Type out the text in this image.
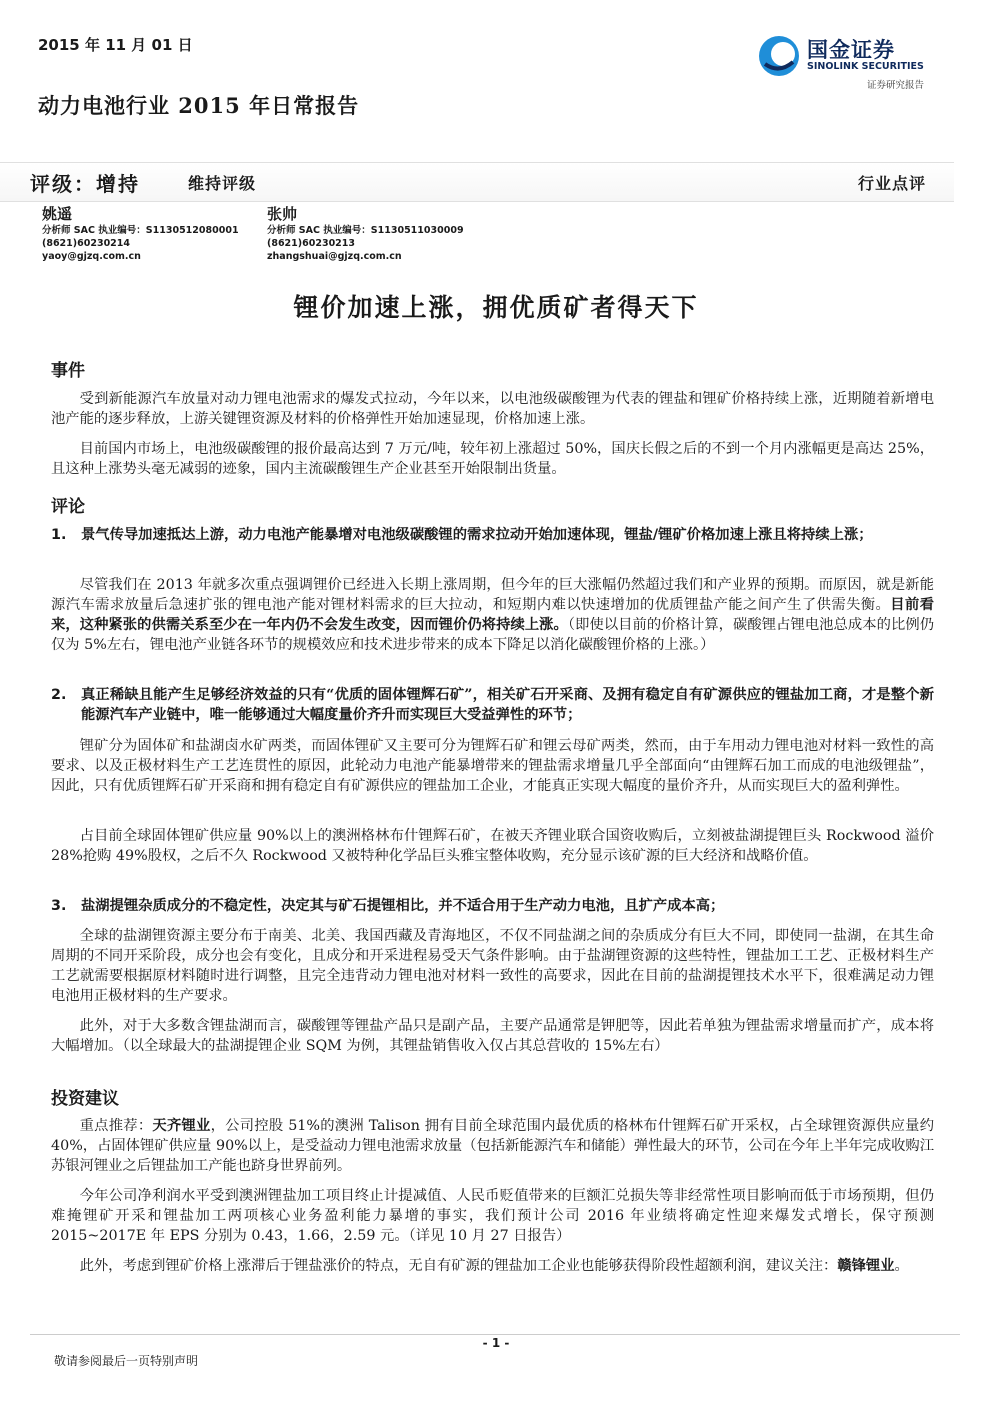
2015 年 11 月 01 日
动力电池行业 2015 年日常报告
国金证券
SINOLINK SECURITIES
证券研究报告
评级：增持	维持评级	行业点评
姚遥
分析师 SAC 执业编号：S1130512080001
(8621)60230214
yaoy@gjzq.com.cn
张帅
分析师 SAC 执业编号：S1130511030009
(8621)60230213
zhangshuai@gjzq.com.cn
锂价加速上涨，拥优质矿者得天下
事件
受到新能源汽车放量对动力锂电池需求的爆发式拉动，今年以来，以电池级碳酸锂为代表的锂盐和锂矿价格持续上涨，近期随着新增电池产能的逐步释放，上游关键锂资源及材料的价格弹性开始加速显现，价格加速上涨。
目前国内市场上，电池级碳酸锂的报价最高达到 7 万元/吨，较年初上涨超过 50%，国庆长假之后的不到一个月内涨幅更是高达 25%，且这种上涨势头毫无减弱的迹象，国内主流碳酸锂生产企业甚至开始限制出货量。
评论
1. 景气传导加速抵达上游，动力电池产能暴增对电池级碳酸锂的需求拉动开始加速体现，锂盐/锂矿价格加速上涨且将持续上涨；
尽管我们在 2013 年就多次重点强调锂价已经进入长期上涨周期，但今年的巨大涨幅仍然超过我们和产业界的预期。而原因，就是新能源汽车需求放量后急速扩张的锂电池产能对锂材料需求的巨大拉动，和短期内难以快速增加的优质锂盐产能之间产生了供需失衡。目前看来，这种紧张的供需关系至少在一年内仍不会发生改变，因而锂价仍将持续上涨。（即使以目前的价格计算，碳酸锂占锂电池总成本的比例仍仅为 5%左右，锂电池产业链各环节的规模效应和技术进步带来的成本下降足以消化碳酸锂价格的上涨。）
2. 真正稀缺且能产生足够经济效益的只有“优质的固体锂辉石矿”，相关矿石开采商、及拥有稳定自有矿源供应的锂盐加工商，才是整个新能源汽车产业链中，唯一能够通过大幅度量价齐升而实现巨大受益弹性的环节；
锂矿分为固体矿和盐湖卤水矿两类，而固体锂矿又主要可分为锂辉石矿和锂云母矿两类，然而，由于车用动力锂电池对材料一致性的高要求、以及正极材料生产工艺连贯性的原因，此轮动力电池产能暴增带来的锂盐需求增量几乎全部面向“由锂辉石加工而成的电池级锂盐”，因此，只有优质锂辉石矿开采商和拥有稳定自有矿源供应的锂盐加工企业，才能真正实现大幅度的量价齐升，从而实现巨大的盈利弹性。
占目前全球固体锂矿供应量 90%以上的澳洲格林布什锂辉石矿，在被天齐锂业联合国资收购后，立刻被盐湖提锂巨头 Rockwood 溢价 28%抢购 49%股权，之后不久 Rockwood 又被特种化学品巨头雅宝整体收购，充分显示该矿源的巨大经济和战略价值。
3. 盐湖提锂杂质成分的不稳定性，决定其与矿石提锂相比，并不适合用于生产动力电池，且扩产成本高；
全球的盐湖锂资源主要分布于南美、北美、我国西藏及青海地区，不仅不同盐湖之间的杂质成分有巨大不同，即使同一盐湖，在其生命周期的不同开采阶段，成分也会有变化，且成分和开采进程易受天气条件影响。由于盐湖锂资源的这些特性，锂盐加工工艺、正极材料生产工艺就需要根据原材料随时进行调整，且完全违背动力锂电池对材料一致性的高要求，因此在目前的盐湖提锂技术水平下，很难满足动力锂电池用正极材料的生产要求。
此外，对于大多数含锂盐湖而言，碳酸锂等锂盐产品只是副产品，主要产品通常是钾肥等，因此若单独为锂盐需求增量而扩产，成本将大幅增加。（以全球最大的盐湖提锂企业 SQM 为例，其锂盐销售收入仅占其总营收的 15%左右）
投资建议
重点推荐：天齐锂业，公司控股 51%的澳洲 Talison 拥有目前全球范围内最优质的格林布什锂辉石矿开采权，占全球锂资源供应量约 40%，占固体锂矿供应量 90%以上，是受益动力锂电池需求放量（包括新能源汽车和储能）弹性最大的环节，公司在今年上半年完成收购江苏银河锂业之后锂盐加工产能也跻身世界前列。
今年公司净利润水平受到澳洲锂盐加工项目终止计提减值、人民币贬值带来的巨额汇兑损失等非经常性项目影响而低于市场预期，但仍难掩锂矿开采和锂盐加工两项核心业务盈利能力暴增的事实，我们预计公司 2016 年业绩将确定性迎来爆发式增长，保守预测 2015~2017E 年 EPS 分别为 0.43，1.66，2.59 元。（详见 10 月 27 日报告）
此外，考虑到锂矿价格上涨滞后于锂盐涨价的特点，无自有矿源的锂盐加工企业也能够获得阶段性超额利润，建议关注：赣锋锂业。
- 1 -
敬请参阅最后一页特别声明
